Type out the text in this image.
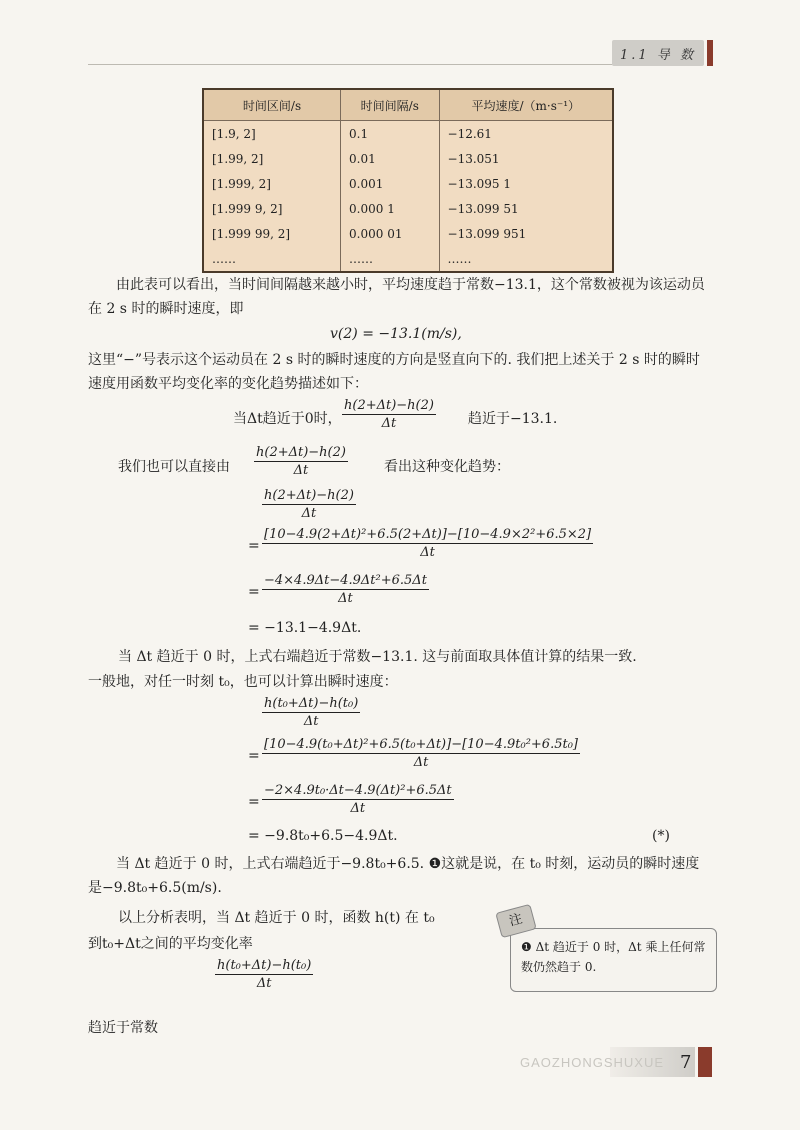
1.1 导 数
时间区间/s	时间间隔/s	平均速度/（m·s⁻¹）
[1.9, 2]	0.1	−12.61
[1.99, 2]	0.01	−13.051
[1.999, 2]	0.001	−13.095 1
[1.999 9, 2]	0.000 1	−13.099 51
[1.999 99, 2]	0.000 01	−13.099 951
……	……	……
由此表可以看出，当时间间隔越来越小时，平均速度趋于常数−13.1，这个常数被视为该运动员在 2 s 时的瞬时速度，即
v(2) = −13.1(m/s),
这里“−”号表示这个运动员在 2 s 时的瞬时速度的方向是竖直向下的. 我们把上述关于 2 s 时的瞬时速度用函数平均变化率的变化趋势描述如下：
当Δt趋近于0时，
h(2+Δt)−h(2)
Δt	趋近于−13.1.
我们也可以直接由
h(2+Δt)−h(2)
Δt	看出这种变化趋势：
h(2+Δt)−h(2)
Δt
=
[10−4.9(2+Δt)²+6.5(2+Δt)]−[10−4.9×2²+6.5×2]
Δt
=
−4×4.9Δt−4.9Δt²+6.5Δt
Δt
= −13.1−4.9Δt.
当 Δt 趋近于 0 时，上式右端趋近于常数−13.1. 这与前面取具体值计算的结果一致.
一般地，对任一时刻 t₀，也可以计算出瞬时速度：
h(t₀+Δt)−h(t₀)
Δt
=
[10−4.9(t₀+Δt)²+6.5(t₀+Δt)]−[10−4.9t₀²+6.5t₀]
Δt
=
−2×4.9t₀·Δt−4.9(Δt)²+6.5Δt
Δt
= −9.8t₀+6.5−4.9Δt.	(*)
当 Δt 趋近于 0 时，上式右端趋近于−9.8t₀+6.5. ❶这就是说，在 t₀ 时刻，运动员的瞬时速度是−9.8t₀+6.5(m/s).
以上分析表明，当 Δt 趋近于 0 时，函数 h(t) 在 t₀
到t₀+Δt之间的平均变化率
h(t₀+Δt)−h(t₀)
Δt
趋近于常数
❶ Δt 趋近于 0 时，Δt 乘上任何常数仍然趋于 0.
注
GAOZHONGSHUXUE 7
